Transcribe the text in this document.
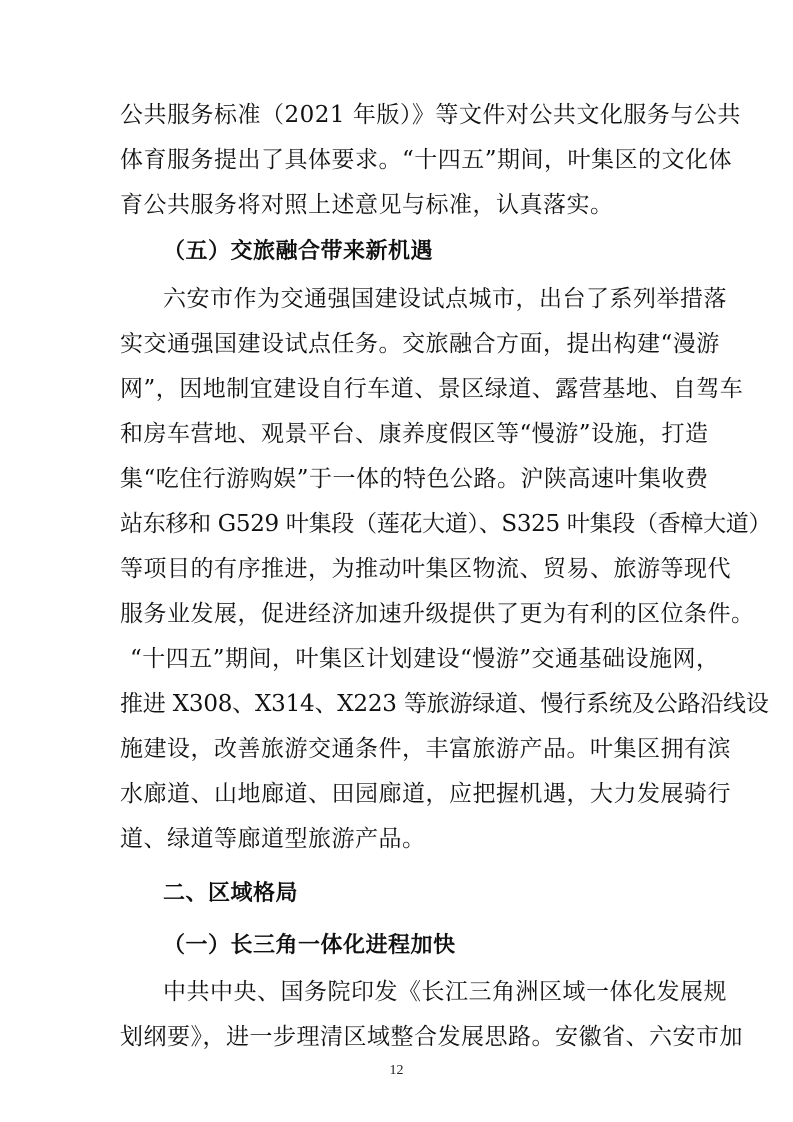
公共服务标准（2021 年版）》等文件对公共文化服务与公共
体育服务提出了具体要求。“十四五”期间，叶集区的文化体
育公共服务将对照上述意见与标准，认真落实。
（五）交旅融合带来新机遇
六安市作为交通强国建设试点城市，出台了系列举措落
实交通强国建设试点任务。交旅融合方面，提出构建“漫游
网”，因地制宜建设自行车道、景区绿道、露营基地、自驾车
和房车营地、观景平台、康养度假区等“慢游”设施，打造
集“吃住行游购娱”于一体的特色公路。沪陕高速叶集收费
站东移和 G529 叶集段（莲花大道）、S325 叶集段（香樟大道）
等项目的有序推进，为推动叶集区物流、贸易、旅游等现代
服务业发展，促进经济加速升级提供了更为有利的区位条件。
“十四五”期间，叶集区计划建设“慢游”交通基础设施网，
推进 X308、X314、X223 等旅游绿道、慢行系统及公路沿线设
施建设，改善旅游交通条件，丰富旅游产品。叶集区拥有滨
水廊道、山地廊道、田园廊道，应把握机遇，大力发展骑行
道、绿道等廊道型旅游产品。
二、区域格局
（一）长三角一体化进程加快
中共中央、国务院印发《长江三角洲区域一体化发展规
划纲要》，进一步理清区域整合发展思路。安徽省、六安市加
12
